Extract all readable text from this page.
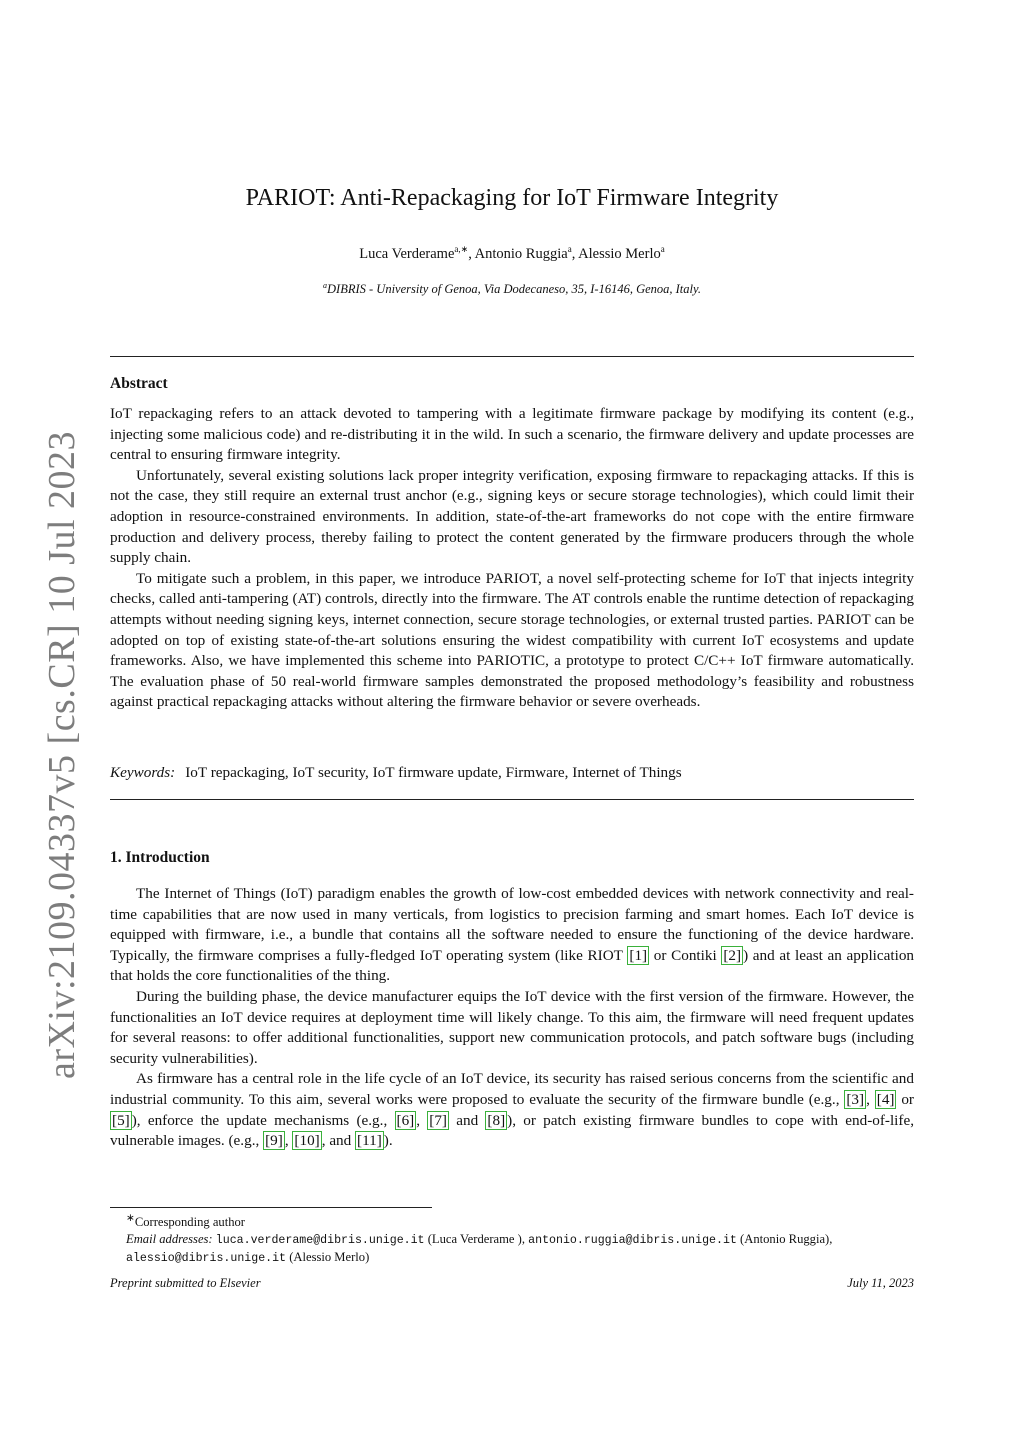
arXiv:2109.04337v5 [cs.CR] 10 Jul 2023
PARIOT: Anti-Repackaging for IoT Firmware Integrity
Luca Verderame$^{a,∗}$, Antonio Ruggia$^a$, Alessio Merlo$^a$
$^a$DIBRIS - University of Genoa, Via Dodecaneso, 35, I-16146, Genoa, Italy.
Abstract

IoT repackaging refers to an attack devoted to tampering with a legitimate firmware package by modifying its content (e.g., injecting some malicious code) and re-distributing it in the wild. In such a scenario, the firmware delivery and update processes are central to ensuring firmware integrity.

Unfortunately, several existing solutions lack proper integrity verification, exposing firmware to repackaging attacks. If this is not the case, they still require an external trust anchor (e.g., signing keys or secure storage technologies), which could limit their adoption in resource-constrained environments. In addition, state-of-the-art frameworks do not cope with the entire firmware production and delivery process, thereby failing to protect the content generated by the firmware producers through the whole supply chain.

To mitigate such a problem, in this paper, we introduce PARIOT, a novel self-protecting scheme for IoT that injects integrity checks, called anti-tampering (AT) controls, directly into the firmware. The AT controls enable the runtime detection of repackaging attempts without needing signing keys, internet connection, secure storage technologies, or external trusted parties. PARIOT can be adopted on top of existing state-of-the-art solutions ensuring the widest compatibility with current IoT ecosystems and update frameworks. Also, we have implemented this scheme into PARIOTIC, a prototype to protect C/C++ IoT firmware automatically. The evaluation phase of 50 real-world firmware samples demonstrated the proposed methodology’s feasibility and robustness against practical repackaging attacks without altering the firmware behavior or severe overheads.

Keywords: IoT repackaging, IoT security, IoT firmware update, Firmware, Internet of Things
1. Introduction

The Internet of Things (IoT) paradigm enables the growth of low-cost embedded devices with network connectivity and real-time capabilities that are now used in many verticals, from logistics to precision farming and smart homes. Each IoT device is equipped with firmware, i.e., a bundle that contains all the software needed to ensure the functioning of the device hardware. Typically, the firmware comprises a fully-fledged IoT operating system (like RIOT [1] or Contiki [2] ) and at least an application that holds the core functionalities of the thing.

During the building phase, the device manufacturer equips the IoT device with the first version of the firmware. However, the functionalities an IoT device requires at deployment time will likely change. To this aim, the firmware will need frequent updates for several reasons: to offer additional functionalities, support new communication protocols, and patch software bugs (including security vulnerabilities).

As firmware has a central role in the life cycle of an IoT device, its security has raised serious concerns from the scientific and industrial community. To this aim, several works were proposed to evaluate the security of the firmware bundle (e.g., [3] , [4] or [5] ), enforce the update mechanisms (e.g., [6] , [7] and [8] ), or patch existing firmware bundles to cope with end-of-life, vulnerable images. (e.g., [9] , [10] , and [11] ).

∗Corresponding author

Email addresses: luca.verderame@dibris.unige.it (Luca Verderame ), antonio.ruggia@dibris.unige.it (Antonio Ruggia), alessio@dibris.unige.it (Alessio Merlo)

Preprint submitted to Elsevier	July 11, 2023
